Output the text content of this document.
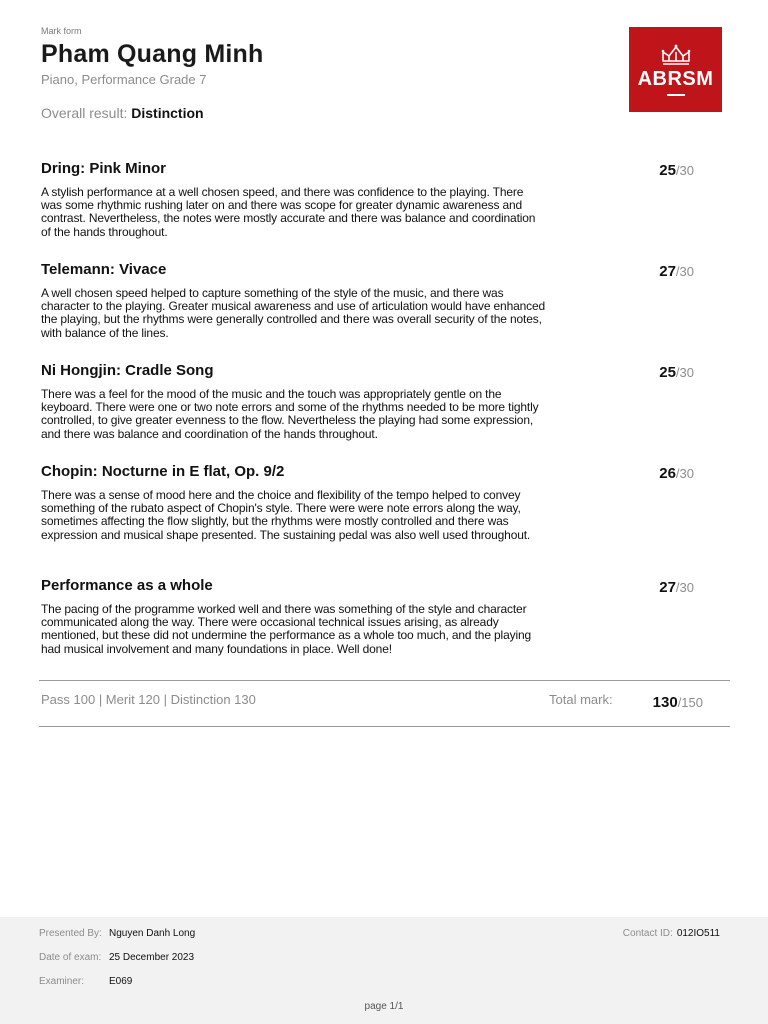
Mark form
Pham Quang Minh
Piano, Performance Grade 7
Overall result: Distinction
ABRSM
Dring: Pink Minor	25/30
A stylish performance at a well chosen speed, and there was confidence to the playing. There was some rhythmic rushing later on and there was scope for greater dynamic awareness and contrast. Nevertheless, the notes were mostly accurate and there was balance and coordination of the hands throughout.
Telemann: Vivace	27/30
A well chosen speed helped to capture something of the style of the music, and there was character to the playing. Greater musical awareness and use of articulation would have enhanced the playing, but the rhythms were generally controlled and there was overall security of the notes, with balance of the lines.
Ni Hongjin: Cradle Song	25/30
There was a feel for the mood of the music and the touch was appropriately gentle on the keyboard. There were one or two note errors and some of the rhythms needed to be more tightly controlled, to give greater evenness to the flow. Nevertheless the playing had some expression, and there was balance and coordination of the hands throughout.
Chopin: Nocturne in E flat, Op. 9/2	26/30
There was a sense of mood here and the choice and flexibility of the tempo helped to convey something of the rubato aspect of Chopin's style. There were were note errors along the way, sometimes affecting the flow slightly, but the rhythms were mostly controlled and there was expression and musical shape presented. The sustaining pedal was also well used throughout.
Performance as a whole	27/30
The pacing of the programme worked well and there was something of the style and character communicated along the way. There were occasional technical issues arising, as already mentioned, but these did not undermine the performance as a whole too much, and the playing had musical involvement and many foundations in place. Well done!
Pass 100 | Merit 120 | Distinction 130	Total mark:	130/150
Presented By: Nguyen Danh Long
Date of exam: 25 December 2023
Examiner: E069
Contact ID: 012IO511
page 1/1
